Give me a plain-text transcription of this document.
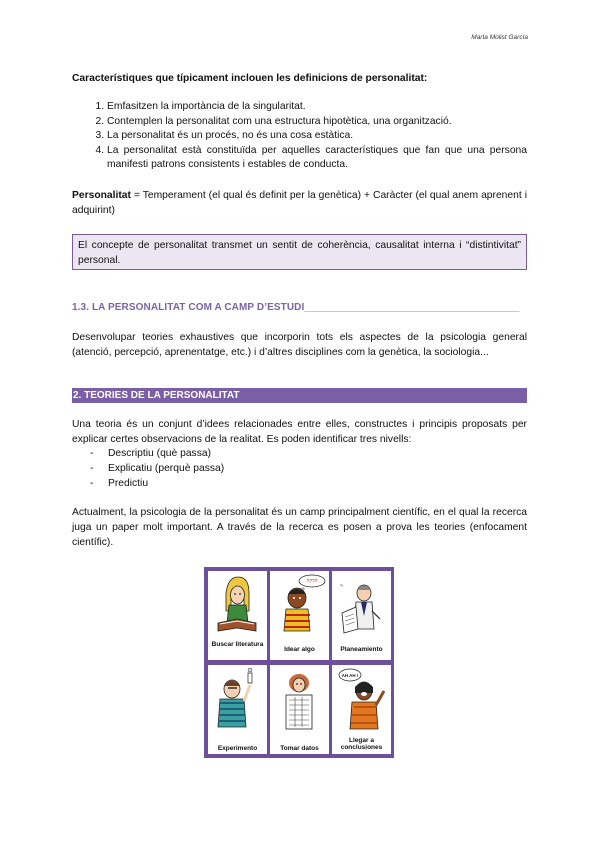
Marta Molist García
Característiques que típicament inclouen les definicions de personalitat:
1. Emfasitzen la importància de la singularitat.
2. Contemplen la personalitat com una estructura hipotètica, una organització.
3. La personalitat és un procés, no és una cosa estàtica.
4. La personalitat està constituïda per aquelles característiques que fan que una persona manifesti patrons consistents i estables de conducta.
Personalitat = Temperament (el qual és definit per la genètica) + Caràcter (el qual anem aprenent i adquirint)
El concepte de personalitat transmet un sentit de coherència, causalitat interna i “distintivitat” personal.
1.3. LA PERSONALITAT COM A CAMP D’ESTUDI______________________________________
Desenvolupar teories exhaustives que incorporin tots els aspectes de la psicologia general (atenció, percepció, aprenentatge, etc.) i d’altres disciplines com la genètica, la sociologia...
2. TEORIES DE LA PERSONALITAT
Una teoria és un conjunt d’idees relacionades entre elles, constructes i principis proposats per explicar certes observacions de la realitat. Es poden identificar tres nivells:
- Descriptiu (què passa)
- Explicatiu (perquè passa)
- Predictiu
Actualment, la psicologia de la personalitat és un camp principalment científic, en el qual la recerca juga un paper molt important. A través de la recerca es posen a prova les teories (enfocament científic).
Buscar literatura
????
Idear algo
✎
Planeamiento
Experimento	Tomar datos
AH AH !
Llegar a conclusiones
